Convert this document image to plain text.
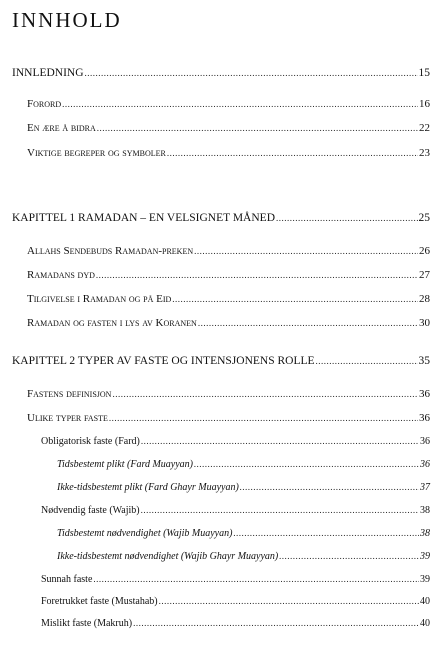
INNHOLD
INNLEDNING .....	15
Forord .....	16
En ære å bidra .....	22
Viktige begreper og symboler .....	23
KAPITTEL 1 RAMADAN – EN VELSIGNET MÅNED .....	25
Allahs Sendebuds Ramadan-preken .....	26
Ramadans dyd .....	27
Tilgivelse i Ramadan og på Eid .....	28
Ramadan og fasten i lys av Koranen .....	30
KAPITTEL 2 TYPER AV FASTE OG INTENSJONENS ROLLE .....	35
Fastens definisjon .....	36
Ulike typer faste .....	36
Obligatorisk faste (Fard) .....	36
Tidsbestemt plikt (Fard Muayyan) .....	36
Ikke-tidsbestemt plikt (Fard Ghayr Muayyan) .....	37
Nødvendig faste (Wajib) .....	38
Tidsbestemt nødvendighet (Wajib Muayyan) .....	38
Ikke-tidsbestemt nødvendighet (Wajib Ghayr Muayyan) .....	39
Sunnah faste .....	39
Foretrukket faste (Mustahab) .....	40
Mislikt faste (Makruh) .....	40
